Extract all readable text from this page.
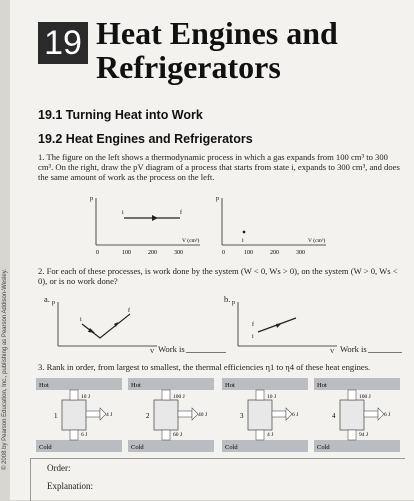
19 Heat Engines and
Refrigerators
19.1 Turning Heat into Work
19.2 Heat Engines and Refrigerators
1. The figure on the left shows a thermodynamic process in which a gas expands from 100 cm³ to 300 cm³. On the right, draw the pV diagram of a process that starts from state i, expands to 300 cm³, and does the same amount of work as the process on the left.
p
i	f
0	100	200	300
V (cm³)
p
i
0	100	200	300
V (cm³)
2. For each of these processes, is work done by the system (W < 0, Ws > 0), on the system (W > 0, Ws < 0), or is no work done?
a. p
i
f
V Work is
b. p
f
i
V Work is
3. Rank in order, from largest to smallest, the thermal efficiencies η1 to η4 of these heat engines.
Hot
Cold
1
10 J
4 J
6 J
Hot
Cold
2
100 J
40 J
60 J
Hot
Cold
3
10 J
6 J
4 J
Hot
Cold
4
100 J
6 J
94 J
Order:
Explanation:
© 2008 by Pearson Education, Inc., publishing as Pearson Addison-Wesley.
